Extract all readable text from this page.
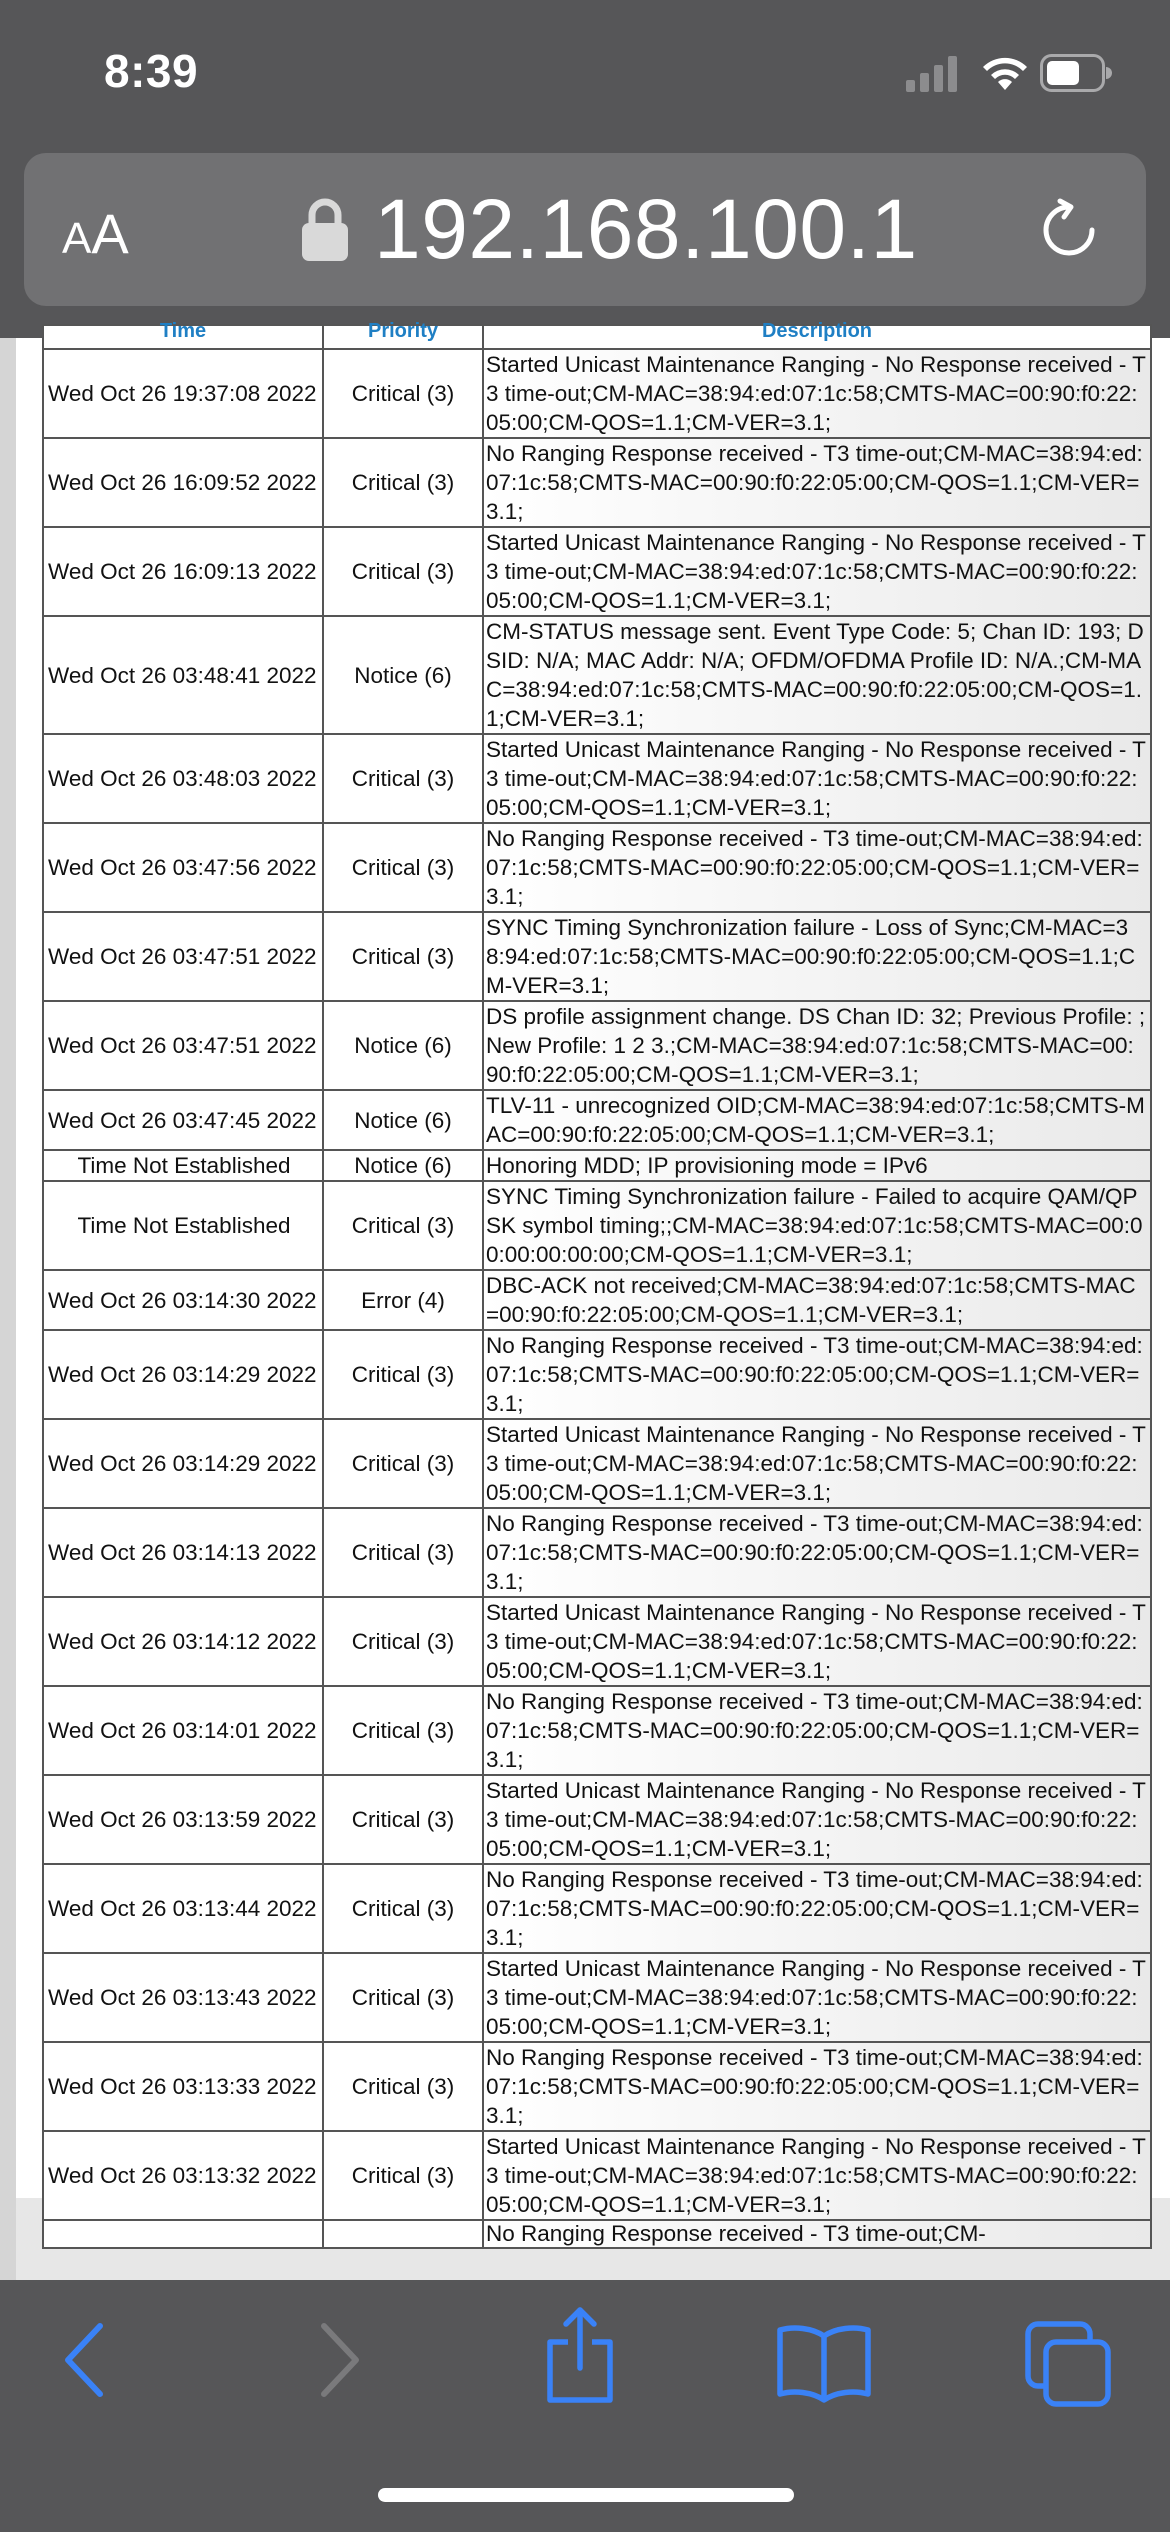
8:39
AA	192.168.100.1
Time	Priority	Description
Wed Oct 26 19:37:08 2022	Critical (3)	Started Unicast Maintenance Ranging - No Response received - T3 time-out;CM-MAC=38:94:ed:07:1c:58;CMTS-MAC=00:90:f0:22:05:00;CM-QOS=1.1;CM-VER=3.1;
Wed Oct 26 16:09:52 2022	Critical (3)	No Ranging Response received - T3 time-out;CM-MAC=38:94:ed:07:1c:58;CMTS-MAC=00:90:f0:22:05:00;CM-QOS=1.1;CM-VER=3.1;
Wed Oct 26 16:09:13 2022	Critical (3)	Started Unicast Maintenance Ranging - No Response received - T3 time-out;CM-MAC=38:94:ed:07:1c:58;CMTS-MAC=00:90:f0:22:05:00;CM-QOS=1.1;CM-VER=3.1;
Wed Oct 26 03:48:41 2022	Notice (6)	CM-STATUS message sent. Event Type Code: 5; Chan ID: 193; DSID: N/A; MAC Addr: N/A; OFDM/OFDMA Profile ID: N/A.;CM-MAC=38:94:ed:07:1c:58;CMTS-MAC=00:90:f0:22:05:00;CM-QOS=1.1;CM-VER=3.1;
Wed Oct 26 03:48:03 2022	Critical (3)	Started Unicast Maintenance Ranging - No Response received - T3 time-out;CM-MAC=38:94:ed:07:1c:58;CMTS-MAC=00:90:f0:22:05:00;CM-QOS=1.1;CM-VER=3.1;
Wed Oct 26 03:47:56 2022	Critical (3)	No Ranging Response received - T3 time-out;CM-MAC=38:94:ed:07:1c:58;CMTS-MAC=00:90:f0:22:05:00;CM-QOS=1.1;CM-VER=3.1;
Wed Oct 26 03:47:51 2022	Critical (3)	SYNC Timing Synchronization failure - Loss of Sync;CM-MAC=38:94:ed:07:1c:58;CMTS-MAC=00:90:f0:22:05:00;CM-QOS=1.1;CM-VER=3.1;
Wed Oct 26 03:47:51 2022	Notice (6)	DS profile assignment change. DS Chan ID: 32; Previous Profile: ; New Profile: 1 2 3.;CM-MAC=38:94:ed:07:1c:58;CMTS-MAC=00:90:f0:22:05:00;CM-QOS=1.1;CM-VER=3.1;
Wed Oct 26 03:47:45 2022	Notice (6)	TLV-11 - unrecognized OID;CM-MAC=38:94:ed:07:1c:58;CMTS-MAC=00:90:f0:22:05:00;CM-QOS=1.1;CM-VER=3.1;
Time Not Established	Notice (6)	Honoring MDD; IP provisioning mode = IPv6
Time Not Established	Critical (3)	SYNC Timing Synchronization failure - Failed to acquire QAM/QPSK symbol timing;;CM-MAC=38:94:ed:07:1c:58;CMTS-MAC=00:00:00:00:00:00;CM-QOS=1.1;CM-VER=3.1;
Wed Oct 26 03:14:30 2022	Error (4)	DBC-ACK not received;CM-MAC=38:94:ed:07:1c:58;CMTS-MAC=00:90:f0:22:05:00;CM-QOS=1.1;CM-VER=3.1;
Wed Oct 26 03:14:29 2022	Critical (3)	No Ranging Response received - T3 time-out;CM-MAC=38:94:ed:07:1c:58;CMTS-MAC=00:90:f0:22:05:00;CM-QOS=1.1;CM-VER=3.1;
Wed Oct 26 03:14:29 2022	Critical (3)	Started Unicast Maintenance Ranging - No Response received - T3 time-out;CM-MAC=38:94:ed:07:1c:58;CMTS-MAC=00:90:f0:22:05:00;CM-QOS=1.1;CM-VER=3.1;
Wed Oct 26 03:14:13 2022	Critical (3)	No Ranging Response received - T3 time-out;CM-MAC=38:94:ed:07:1c:58;CMTS-MAC=00:90:f0:22:05:00;CM-QOS=1.1;CM-VER=3.1;
Wed Oct 26 03:14:12 2022	Critical (3)	Started Unicast Maintenance Ranging - No Response received - T3 time-out;CM-MAC=38:94:ed:07:1c:58;CMTS-MAC=00:90:f0:22:05:00;CM-QOS=1.1;CM-VER=3.1;
Wed Oct 26 03:14:01 2022	Critical (3)	No Ranging Response received - T3 time-out;CM-MAC=38:94:ed:07:1c:58;CMTS-MAC=00:90:f0:22:05:00;CM-QOS=1.1;CM-VER=3.1;
Wed Oct 26 03:13:59 2022	Critical (3)	Started Unicast Maintenance Ranging - No Response received - T3 time-out;CM-MAC=38:94:ed:07:1c:58;CMTS-MAC=00:90:f0:22:05:00;CM-QOS=1.1;CM-VER=3.1;
Wed Oct 26 03:13:44 2022	Critical (3)	No Ranging Response received - T3 time-out;CM-MAC=38:94:ed:07:1c:58;CMTS-MAC=00:90:f0:22:05:00;CM-QOS=1.1;CM-VER=3.1;
Wed Oct 26 03:13:43 2022	Critical (3)	Started Unicast Maintenance Ranging - No Response received - T3 time-out;CM-MAC=38:94:ed:07:1c:58;CMTS-MAC=00:90:f0:22:05:00;CM-QOS=1.1;CM-VER=3.1;
Wed Oct 26 03:13:33 2022	Critical (3)	No Ranging Response received - T3 time-out;CM-MAC=38:94:ed:07:1c:58;CMTS-MAC=00:90:f0:22:05:00;CM-QOS=1.1;CM-VER=3.1;
Wed Oct 26 03:13:32 2022	Critical (3)	Started Unicast Maintenance Ranging - No Response received - T3 time-out;CM-MAC=38:94:ed:07:1c:58;CMTS-MAC=00:90:f0:22:05:00;CM-QOS=1.1;CM-VER=3.1;
		No Ranging Response received - T3 time-out;CM-
